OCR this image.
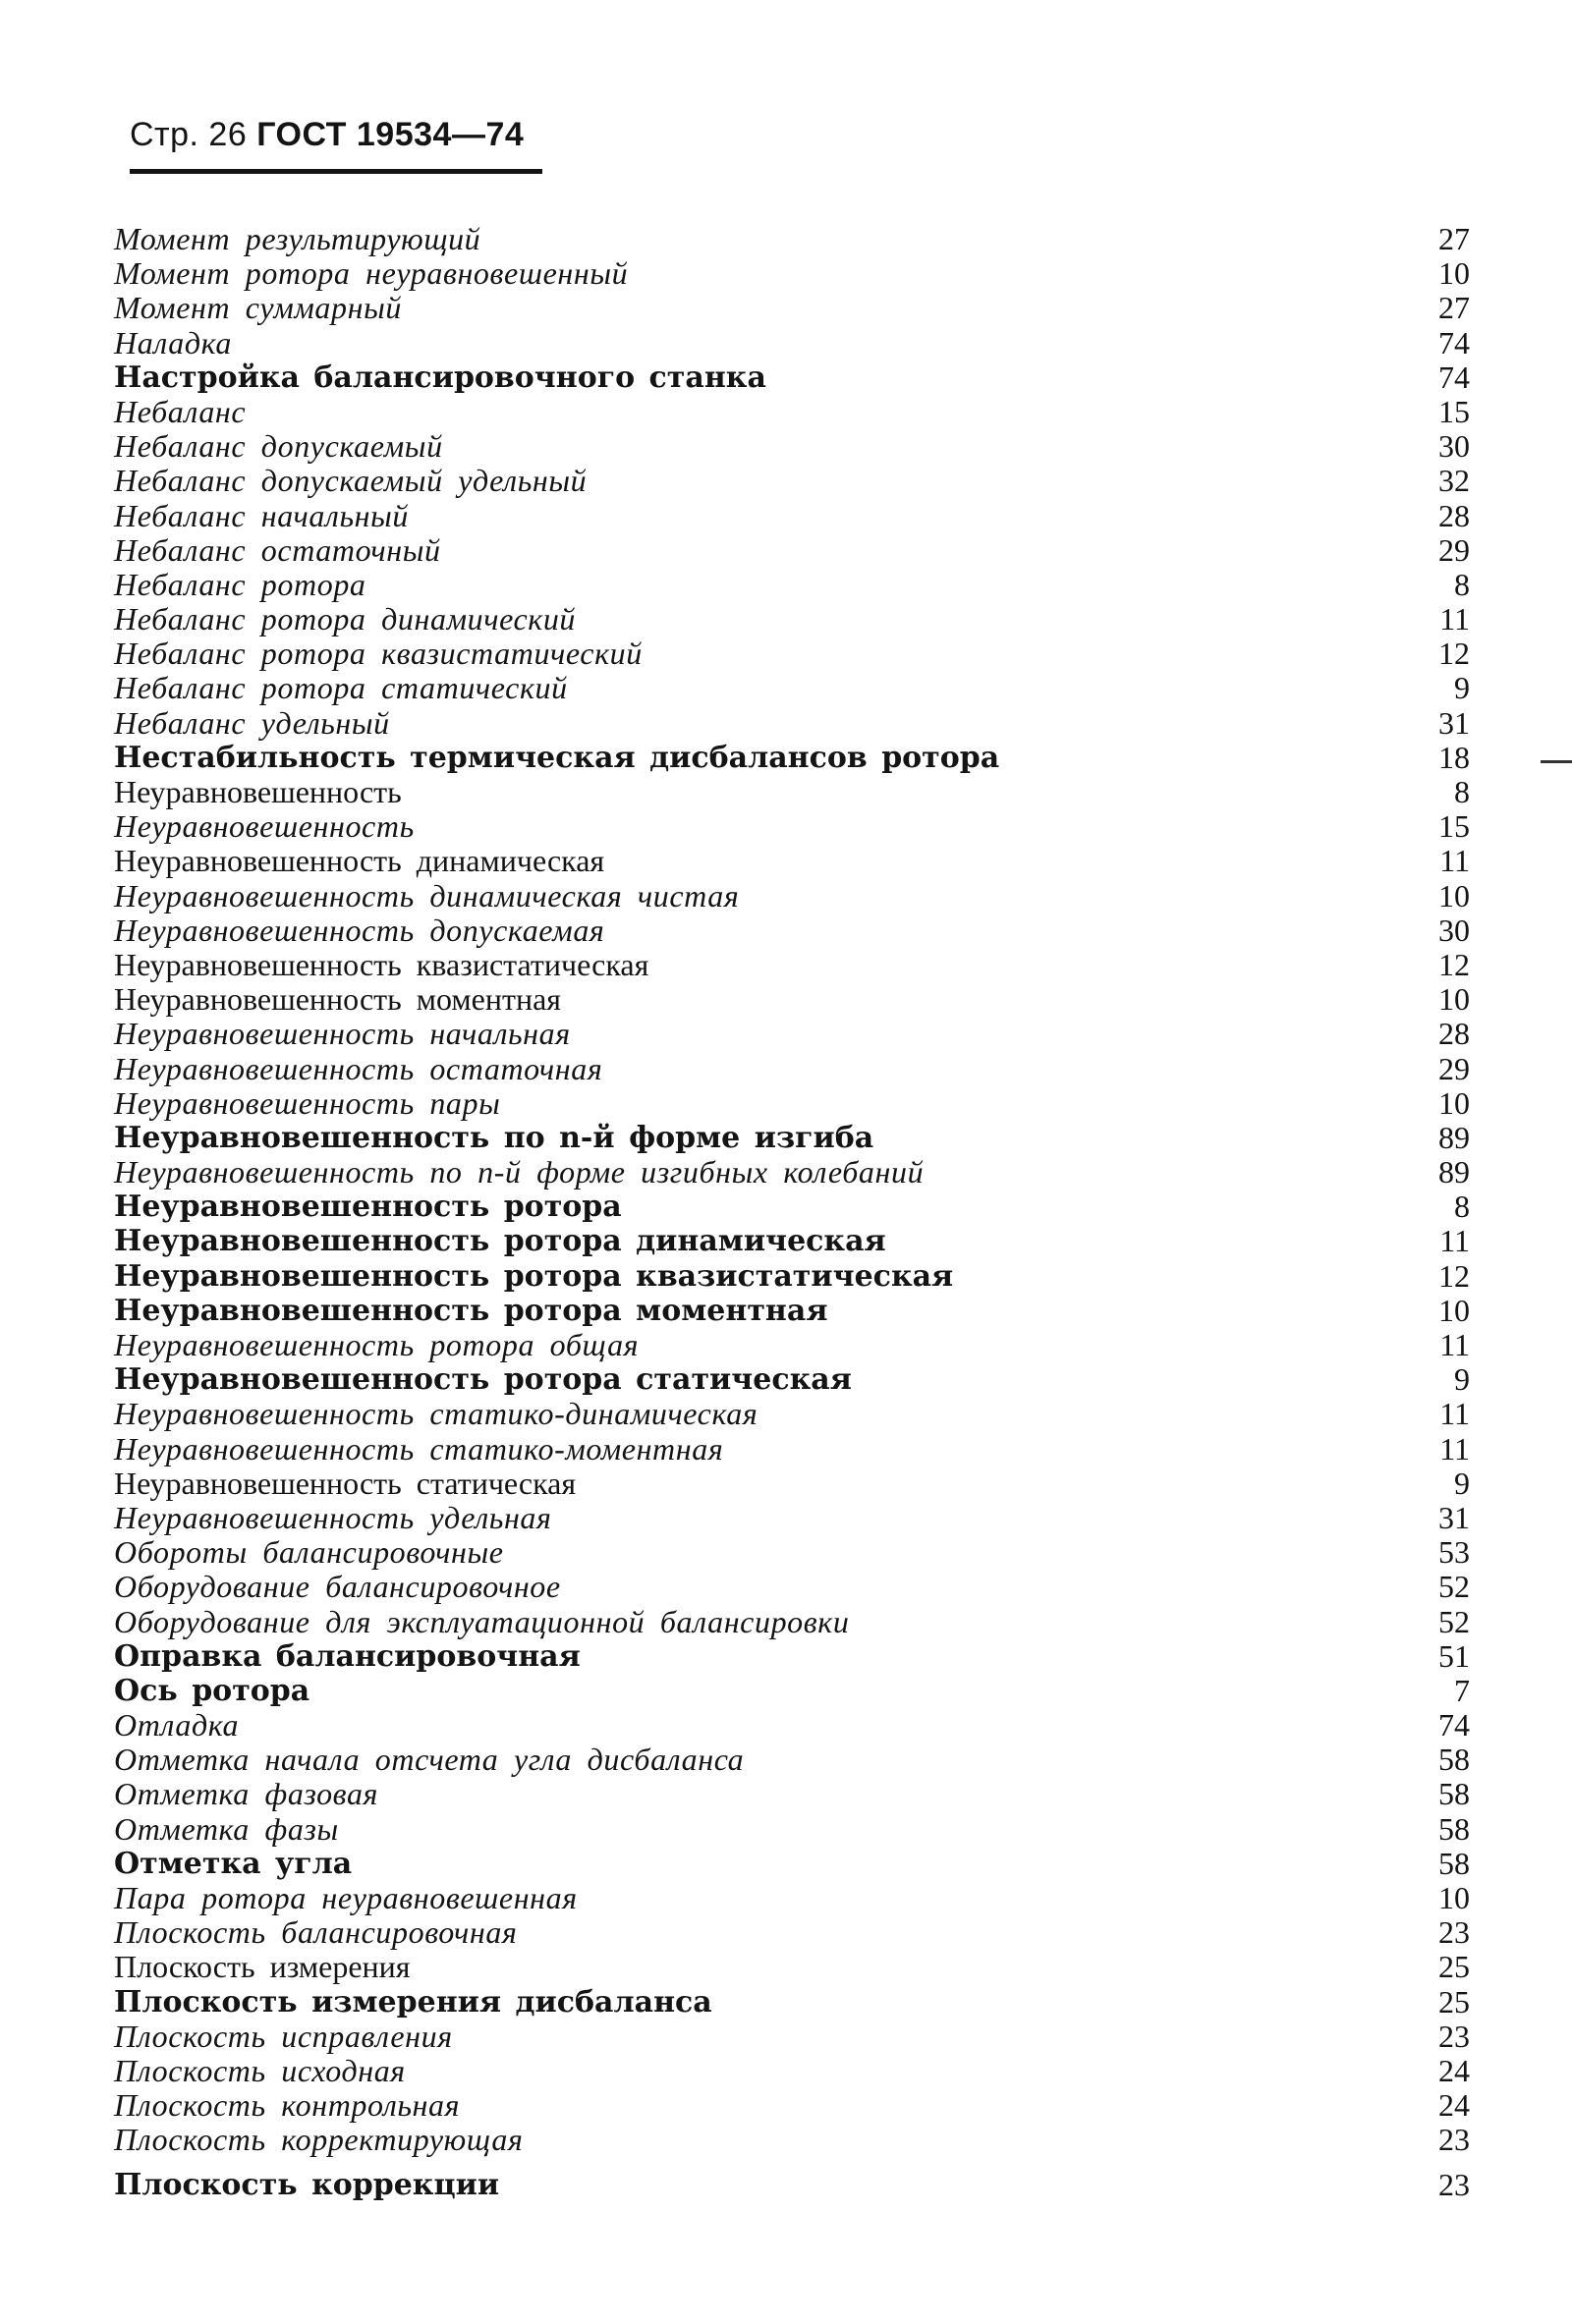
Стр. 26 ГОСТ 19534—74
Момент результирующий	27
Момент ротора неуравновешенный	10
Момент суммарный	27
Наладка	74
Настройка балансировочного станка	74
Небаланс	15
Небаланс допускаемый	30
Небаланс допускаемый удельный	32
Небаланс начальный	28
Небаланс остаточный	29
Небаланс ротора	8
Небаланс ротора динамический	11
Небаланс ротора квазистатический	12
Небаланс ротора статический	9
Небаланс удельный	31
Нестабильность термическая дисбалансов ротора	18
Неуравновешенность	8
Неуравновешенность	15
Неуравновешенность динамическая	11
Неуравновешенность динамическая чистая	10
Неуравновешенность допускаемая	30
Неуравновешенность квазистатическая	12
Неуравновешенность моментная	10
Неуравновешенность начальная	28
Неуравновешенность остаточная	29
Неуравновешенность пары	10
Неуравновешенность по n-й форме изгиба	89
Неуравновешенность по n-й форме изгибных колебаний	89
Неуравновешенность ротора	8
Неуравновешенность ротора динамическая	11
Неуравновешенность ротора квазистатическая	12
Неуравновешенность ротора моментная	10
Неуравновешенность ротора общая	11
Неуравновешенность ротора статическая	9
Неуравновешенность статико-динамическая	11
Неуравновешенность статико-моментная	11
Неуравновешенность статическая	9
Неуравновешенность удельная	31
Обороты балансировочные	53
Оборудование балансировочное	52
Оборудование для эксплуатационной балансировки	52
Оправка балансировочная	51
Ось ротора	7
Отладка	74
Отметка начала отсчета угла дисбаланса	58
Отметка фазовая	58
Отметка фазы	58
Отметка угла	58
Пара ротора неуравновешенная	10
Плоскость балансировочная	23
Плоскость измерения	25
Плоскость измерения дисбаланса	25
Плоскость исправления	23
Плоскость исходная	24
Плоскость контрольная	24
Плоскость корректирующая	23
Плоскость коррекции	23
